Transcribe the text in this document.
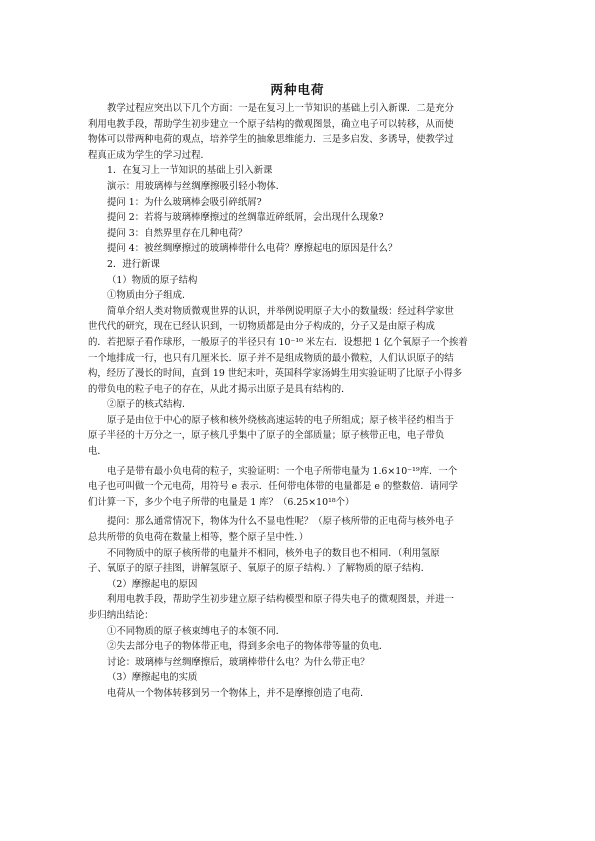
两种电荷
教学过程应突出以下几个方面：一是在复习上一节知识的基础上引入新课．二是充分
利用电教手段，帮助学生初步建立一个原子结构的微观图景，确立电子可以转移，从而使
物体可以带两种电荷的观点，培养学生的抽象思维能力．三是多启发、多诱导，使教学过
程真正成为学生的学习过程．
1．在复习上一节知识的基础上引入新课
演示：用玻璃棒与丝绸摩擦吸引轻小物体．
提问 1：为什么玻璃棒会吸引碎纸屑?
提问 2：若将与玻璃棒摩擦过的丝绸靠近碎纸屑，会出现什么现象?
提问 3：自然界里存在几种电荷？
提问 4：被丝绸摩擦过的玻璃棒带什么电荷？摩擦起电的原因是什么？
2．进行新课
（1）物质的原子结构
①物质由分子组成．
简单介绍人类对物质微观世界的认识，并举例说明原子大小的数量级：经过科学家世
世代代的研究，现在已经认识到，一切物质都是由分子构成的，分子又是由原子构成
的．若把原子看作球形，一般原子的半径只有 10⁻¹⁰ 米左右．设想把 1 亿个氧原子一个挨着
一个地排成一行，也只有几厘米长．原子并不是组成物质的最小微粒，人们认识原子的结
构，经历了漫长的时间，直到 19 世纪末叶，英国科学家汤姆生用实验证明了比原子小得多
的带负电的粒子电子的存在，从此才揭示出原子是具有结构的．
②原子的核式结构．
原子是由位于中心的原子核和核外绕核高速运转的电子所组成；原子核半径约相当于
原子半径的十万分之一，原子核几乎集中了原子的全部质量；原子核带正电，电子带负
电．
电子是带有最小负电荷的粒子，实验证明：一个电子所带电量为 1.6×10⁻¹⁹库．一个
电子也可叫做一个元电荷，用符号 e 表示．任何带电体带的电量都是 e 的整数倍．请同学
们计算一下，多少个电子所带的电量是 1 库？（6.25×10¹⁸个）
提问：那么通常情况下，物体为什么不显电性呢？（原子核所带的正电荷与核外电子
总共所带的负电荷在数量上相等，整个原子呈中性．）
不同物质中的原子核所带的电量并不相同，核外电子的数目也不相同．（利用氢原
子、氧原子的原子挂图，讲解氢原子、氧原子的原子结构．）了解物质的原子结构．
（2）摩擦起电的原因
利用电教手段，帮助学生初步建立原子结构模型和原子得失电子的微观图景，并进一
步归纳出结论：
①不同物质的原子核束缚电子的本领不同．
②失去部分电子的物体带正电，得到多余电子的物体带等量的负电．
讨论：玻璃棒与丝绸摩擦后，玻璃棒带什么电？为什么带正电？
（3）摩擦起电的实质
电荷从一个物体转移到另一个物体上，并不是摩擦创造了电荷．
